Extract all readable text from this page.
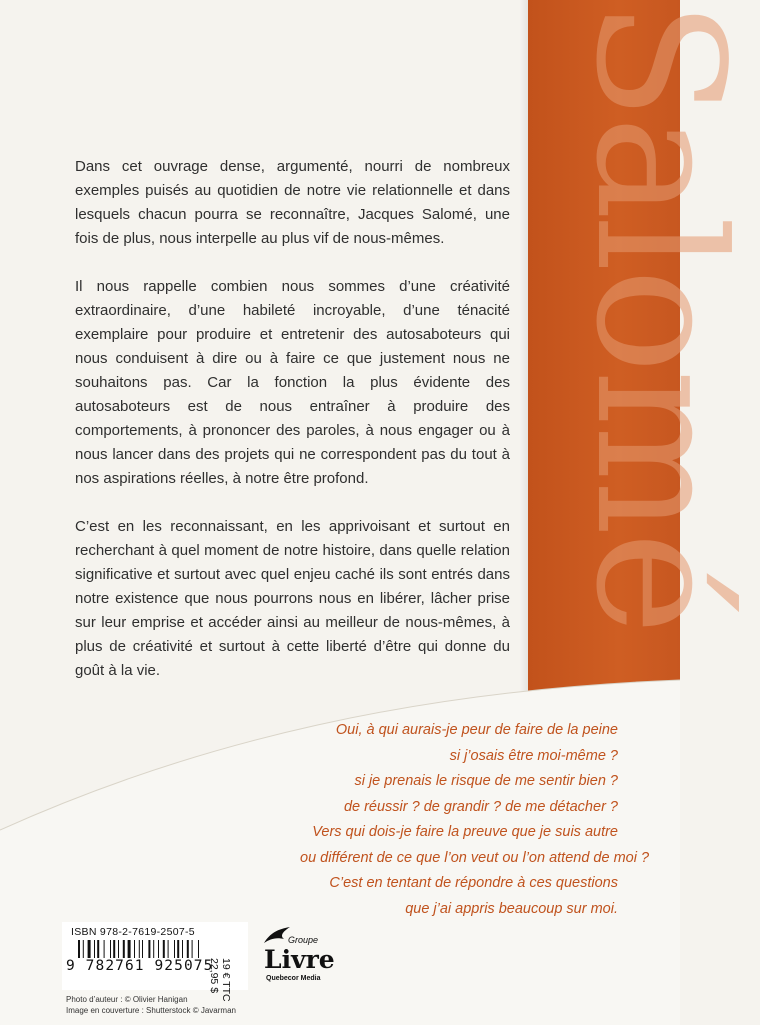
Salomé

Dans cet ouvrage dense, argumenté, nourri de nombreux exemples puisés au quotidien de notre vie relationnelle et dans lesquels chacun pourra se reconnaître, Jacques Salomé, une fois de plus, nous interpelle au plus vif de nous-mêmes.

Il nous rappelle combien nous sommes d’une créativité extraordinaire, d’une habileté incroyable, d’une ténacité exemplaire pour produire et entretenir des autosaboteurs qui nous conduisent à dire ou à faire ce que justement nous ne souhaitons pas. Car la fonction la plus évidente des autosaboteurs est de nous entraîner à produire des comportements, à prononcer des paroles, à nous engager ou à nous lancer dans des projets qui ne correspondent pas du tout à nos aspirations réelles, à notre être profond.

C’est en les reconnaissant, en les apprivoisant et surtout en recherchant à quel moment de notre histoire, dans quelle relation significative et surtout avec quel enjeu caché ils sont entrés dans notre existence que nous pourrons nous en libérer, lâcher prise sur leur emprise et accéder ainsi au meilleur de nous-mêmes, à plus de créativité et surtout à cette liberté d’être qui donne du goût à la vie.

Oui, à qui aurais-je peur de faire de la peine
si j’osais être moi-même ?
si je prenais le risque de me sentir bien ?
de réussir ? de grandir ? de me détacher ?
Vers qui dois-je faire la preuve que je suis autre
ou différent de ce que l’on veut ou l’on attend de moi ?
C’est en tentant de répondre à ces questions
que j’ai appris beaucoup sur moi.
ISBN 978-2-7619-2507-5
9 782761 925075 19 € TTC
22,95 $
Groupe
Livre
Quebecor Media
Photo d’auteur : © Olivier Hanigan
Image en couverture : Shutterstock © Javarman
